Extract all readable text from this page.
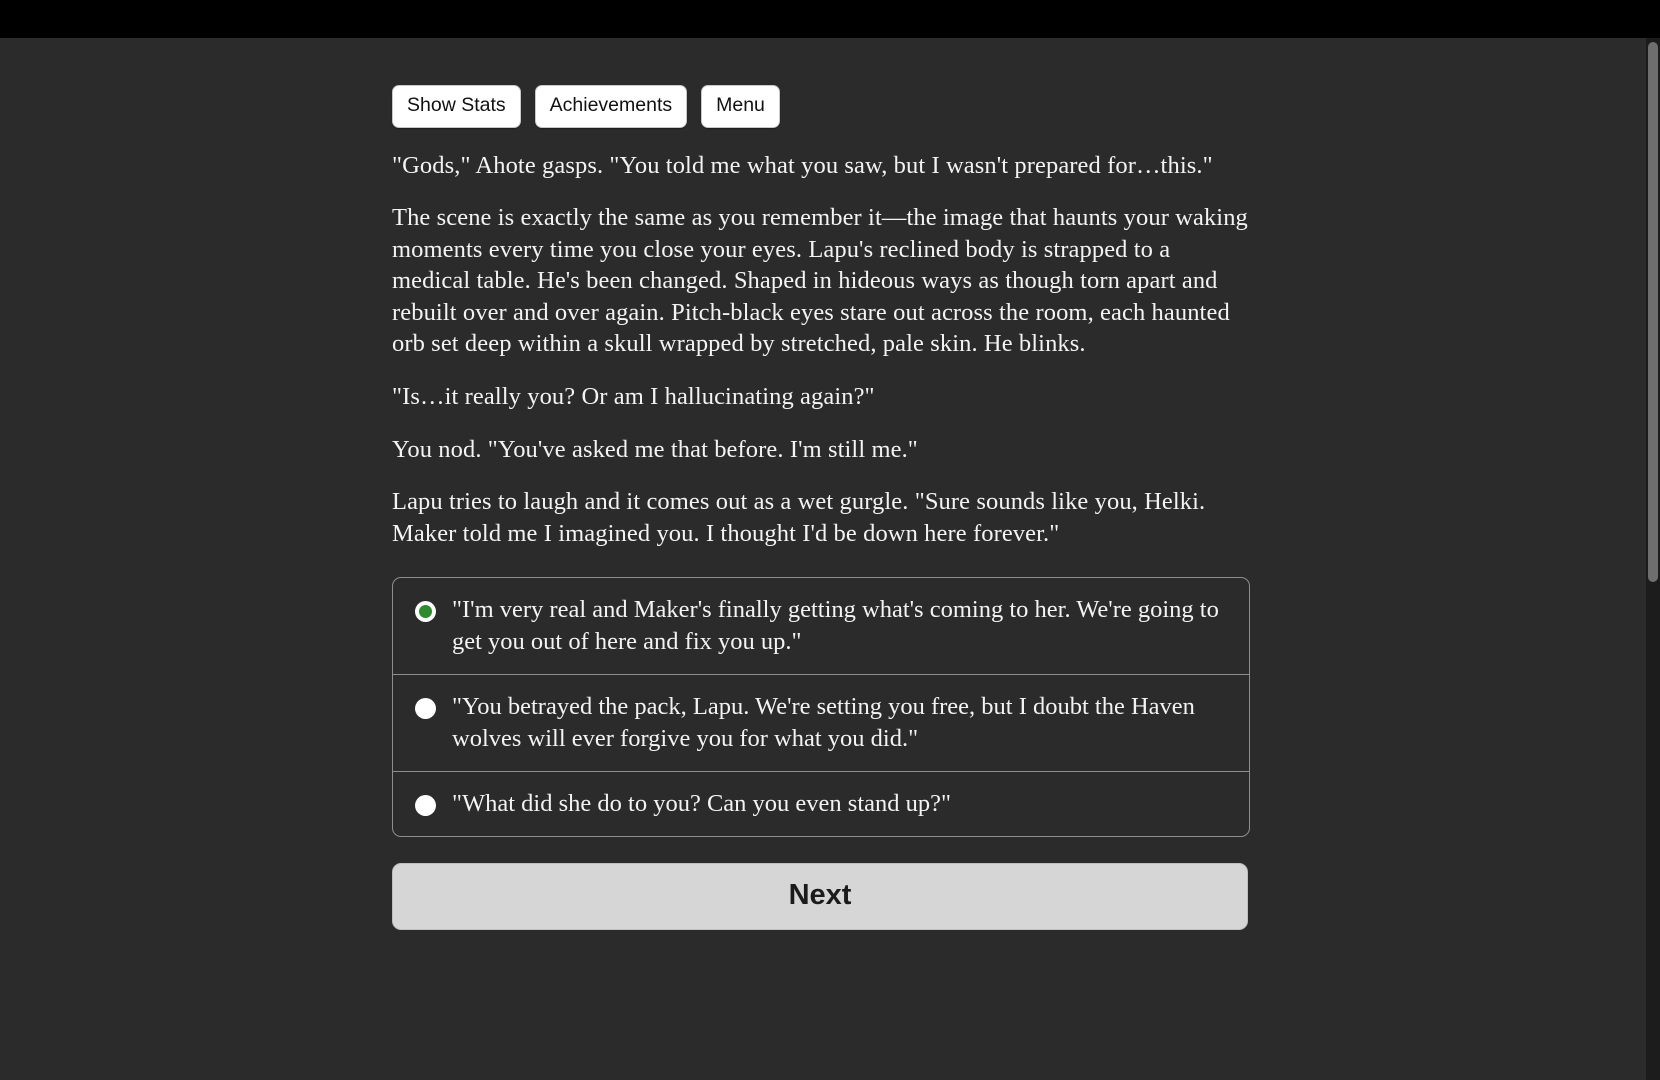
Show Stats	Achievements	Menu

"Gods," Ahote gasps. "You told me what you saw, but I wasn't prepared for…this."

The scene is exactly the same as you remember it—the image that haunts your waking moments every time you close your eyes. Lapu's reclined body is strapped to a medical table. He's been changed. Shaped in hideous ways as though torn apart and rebuilt over and over again. Pitch-black eyes stare out across the room, each haunted orb set deep within a skull wrapped by stretched, pale skin. He blinks.

"Is…it really you? Or am I hallucinating again?"

You nod. "You've asked me that before. I'm still me."

Lapu tries to laugh and it comes out as a wet gurgle. "Sure sounds like you, Helki. Maker told me I imagined you. I thought I'd be down here forever."

"I'm very real and Maker's finally getting what's coming to her. We're going to get you out of here and fix you up."
"You betrayed the pack, Lapu. We're setting you free, but I doubt the Haven wolves will ever forgive you for what you did."
"What did she do to you? Can you even stand up?"
Next
